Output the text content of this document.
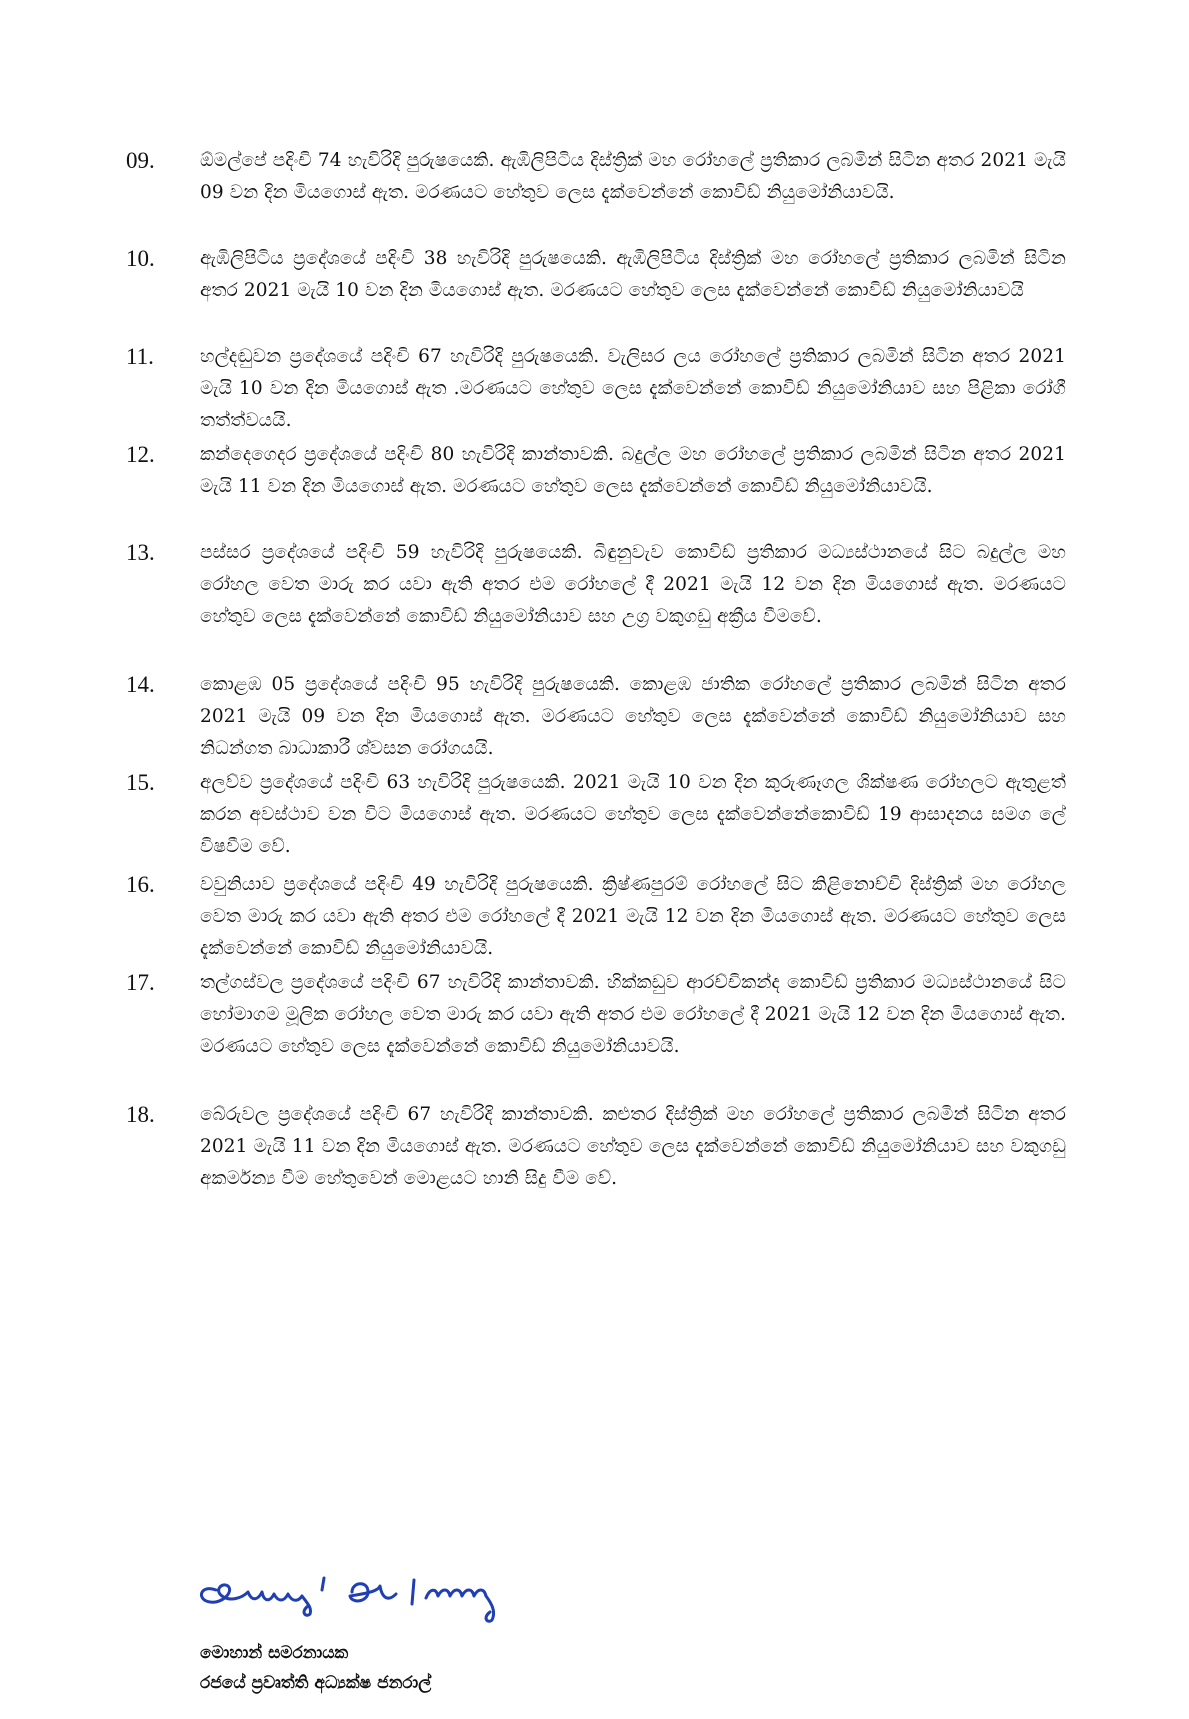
09.	ඕමල්පේ පදිංචි 74 හැවිරිදි පුරුෂයෙකි. ඇඹිලිපිටිය දිස්ත්‍රික් මහ රෝහලේ ප්‍රතිකාර ලබමින් සිටින අතර 2021 මැයි 09 වන දින මියගොස් ඇත. මරණයට හේතුව ලෙස දැක්වෙන්නේ කොවිඩ් නියුමෝනියාවයි.
10.	ඇඹිලිපිටිය ප්‍රදේශයේ පදිංචි 38 හැවිරිදි පුරුෂයෙකි. ඇඹිලිපිටිය දිස්ත්‍රික් මහ රෝහලේ ප්‍රතිකාර ලබමින් සිටින අතර 2021 මැයි 10 වන දින මියගොස් ඇත. මරණයට හේතුව ලෙස දැක්වෙන්නේ කොවිඩ් නියුමෝනියාවයි
11.	හල්දඬුවන ප්‍රදේශයේ පදිංචි 67 හැවිරිදි පුරුෂයෙකි. වැලිසර ලය රෝහලේ ප්‍රතිකාර ලබමින් සිටින අතර 2021 මැයි 10 වන දින මියගොස් ඇත .මරණයට හේතුව ලෙස දැක්වෙන්නේ කොවිඩ් නියුමෝනියාව සහ පිළිකා රෝගී තත්ත්වයයි.
12.	කන්දෙගෙදර ප්‍රදේශයේ පදිංචි 80 හැවිරිදි කාන්තාවකි. බදුල්ල මහ රෝහලේ ප්‍රතිකාර ලබමින් සිටින අතර 2021 මැයි 11 වන දින මියගොස් ඇත. මරණයට හේතුව ලෙස දැක්වෙන්නේ කොවිඩ් නියුමෝනියාවයි.
13.	පස්සර ප්‍රදේශයේ පදිංචි 59 හැවිරිදි පුරුෂයෙකි. බිඳුනුවැව කොවිඩ් ප්‍රතිකාර මධ්‍යස්ථානයේ සිට බදුල්ල මහ රෝහල වෙත මාරු කර යවා ඇති අතර එම රෝහලේ දී 2021 මැයි 12 වන දින මියගොස් ඇත. මරණයට හේතුව ලෙස දැක්වෙන්නේ කොවිඩ් නියුමෝනියාව සහ උග්‍ර වකුගඩු අක්‍රීය වීමවේ.
14.	කොළඹ 05 ප්‍රදේශයේ පදිංචි 95 හැවිරිදි පුරුෂයෙකි. කොළඹ ජාතික රෝහලේ ප්‍රතිකාර ලබමින් සිටින අතර 2021 මැයි 09 වන දින මියගොස් ඇත. මරණයට හේතුව ලෙස දැක්වෙන්නේ කොවිඩ් නියුමෝනියාව සහ නිධන්ගත බාධාකාරී ශ්වසන රෝගයයි.
15.	අලව්ව ප්‍රදේශයේ පදිංචි 63 හැවිරිදි පුරුෂයෙකි. 2021 මැයි 10 වන දින කුරුණෑගල ශික්ෂණ රෝහලට ඇතුළත් කරන අවස්ථාව වන විට මියගොස් ඇත. මරණයට හේතුව ලෙස දැක්වෙන්නේකොවිඩ් 19 ආසාදනය සමග ලේ විෂවීම වේ.
16.	වවුනියාව ප්‍රදේශයේ පදිංචි 49 හැවිරිදි පුරුෂයෙකි. ක්‍රිෂ්ණපුරම් රෝහලේ සිට කිළිනොච්චි දිස්ත්‍රික් මහ රෝහල වෙත මාරු කර යවා ඇති අතර එම රෝහලේ දී 2021 මැයි 12 වන දින මියගොස් ඇත. මරණයට හේතුව ලෙස දැක්වෙන්නේ කොවිඩ් නියුමෝනියාවයි.
17.	තල්ගස්වල ප්‍රදේශයේ පදිංචි 67 හැවිරිදි කාන්තාවකි. හික්කඩුව ආරච්චිකන්ද කොවිඩ් ප්‍රතිකාර මධ්‍යස්ථානයේ සිට හෝමාගම මූලික රෝහල වෙත මාරු කර යවා ඇති අතර එම රෝහලේ දී 2021 මැයි 12 වන දින මියගොස් ඇත. මරණයට හේතුව ලෙස දැක්වෙන්නේ කොවිඩ් නියුමෝනියාවයි.
18.	බේරුවල ප්‍රදේශයේ පදිංචි 67 හැවිරිදි කාන්තාවකි. කළුතර දිස්ත්‍රික් මහ රෝහලේ ප්‍රතිකාර ලබමින් සිටින අතර 2021 මැයි 11 වන දින මියගොස් ඇත. මරණයට හේතුව ලෙස දැක්වෙන්නේ කොවිඩ් නියුමෝනියාව සහ වකුගඩු අකර්මන්‍ය වීම හේතුවෙන් මොළයට හානි සිදු වීම වේ.
මොහාන් සමරනායක
රජයේ ප්‍රවෘත්ති අධ්‍යක්ෂ ජනරාල්
